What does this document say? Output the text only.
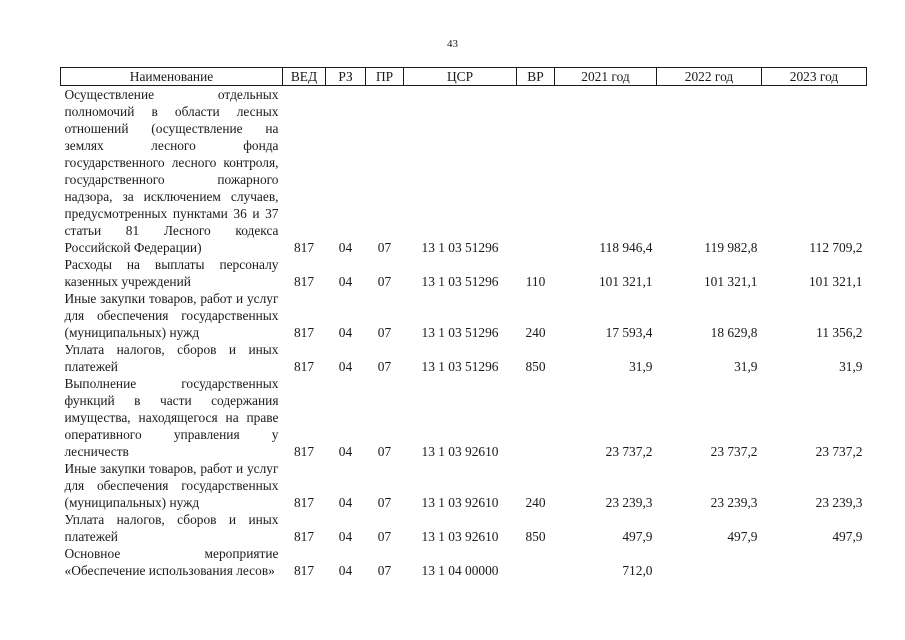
43
Наименование	ВЕД	РЗ	ПР	ЦСР	ВР	2021 год	2022 год	2023 год
Осуществление отдельных полномочий в области лесных отношений (осуществление на землях лесного фонда государственного лесного контроля, государственного пожарного надзора, за исключением случаев, предусмотренных пунктами 36 и 37 статьи 81 Лесного кодекса Российской Федерации)	817	04	07	13 1 03 51296		118 946,4	119 982,8	112 709,2
Расходы на выплаты персоналу казенных учреждений	817	04	07	13 1 03 51296	110	101 321,1	101 321,1	101 321,1
Иные закупки товаров, работ и услуг для обеспечения государственных (муниципальных) нужд	817	04	07	13 1 03 51296	240	17 593,4	18 629,8	11 356,2
Уплата налогов, сборов и иных платежей	817	04	07	13 1 03 51296	850	31,9	31,9	31,9
Выполнение государственных функций в части содержания имущества, находящегося на праве оперативного управления у лесничеств	817	04	07	13 1 03 92610		23 737,2	23 737,2	23 737,2
Иные закупки товаров, работ и услуг для обеспечения государственных (муниципальных) нужд	817	04	07	13 1 03 92610	240	23 239,3	23 239,3	23 239,3
Уплата налогов, сборов и иных платежей	817	04	07	13 1 03 92610	850	497,9	497,9	497,9
Основное мероприятие «Обеспечение использования лесов»	817	04	07	13 1 04 00000		712,0		
